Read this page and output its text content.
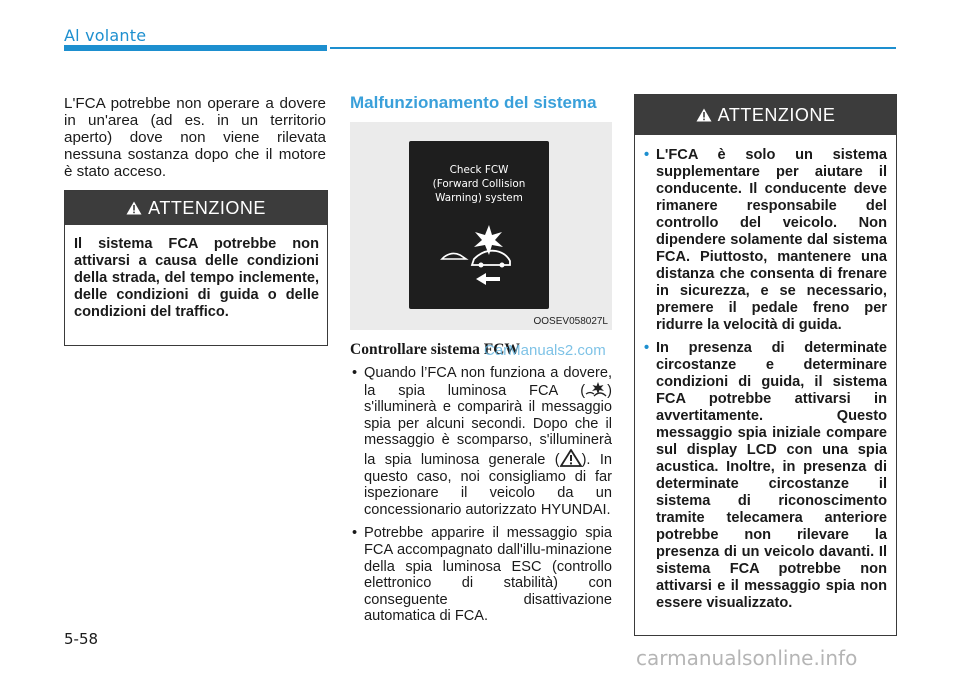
Al volante
L'FCA potrebbe non operare a dovere in un'area (ad es. in un territorio aperto) dove non viene rilevata nessuna sostanza dopo che il motore è stato acceso.
ATTENZIONE
Il sistema FCA potrebbe non attivarsi a causa delle condizioni della strada, del tempo inclemente, delle condizioni di guida o delle condizioni del traffico.
Malfunzionamento del sistema
Check FCW
(Forward Collision
Warning) system
OOSEV058027L
Controllare sistema FCW
CarManuals2.com
• Quando l’FCA non funziona a dovere, la spia luminosa FCA ( ) s'illuminerà e comparirà il messaggio spia per alcuni secondi. Dopo che il messaggio è scomparso, s'illuminerà la spia luminosa generale ( ). In questo caso, noi consigliamo di far ispezionare il veicolo da un concessionario autorizzato HYUNDAI.
• Potrebbe apparire il messaggio spia FCA accompagnato dall'illu-minazione della spia luminosa ESC (controllo elettronico di stabilità) con conseguente disattivazione automatica di FCA.
ATTENZIONE
• L'FCA è solo un sistema supplementare per aiutare il conducente. Il conducente deve rimanere responsabile del controllo del veicolo. Non dipendere solamente dal sistema FCA. Piuttosto, mantenere una distanza che consenta di frenare in sicurezza, e se necessario, premere il pedale freno per ridurre la velocità di guida.
• In presenza di determinate circostanze e determinare condizioni di guida, il sistema FCA potrebbe attivarsi in avvertitamente. Questo messaggio spia iniziale compare sul display LCD con una spia acustica. Inoltre, in presenza di determinate circostanze il sistema di riconoscimento tramite telecamera anteriore potrebbe non rilevare la presenza di un veicolo davanti. Il sistema FCA potrebbe non attivarsi e il messaggio spia non essere visualizzato.
5-58
carmanualsonline.info
